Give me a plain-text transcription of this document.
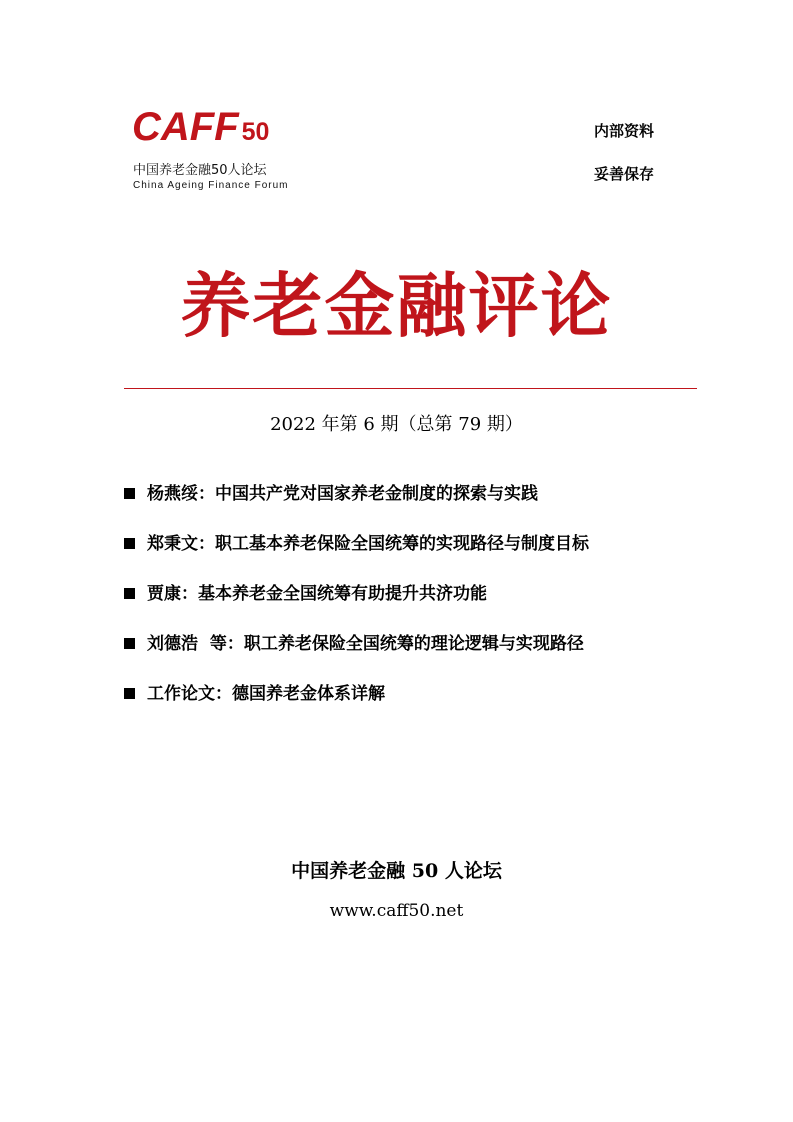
CAFF 50
中国养老金融50人论坛
China Ageing Finance Forum
内部资料
妥善保存
养老金融评论
2022 年第 6 期（总第 79 期）
杨燕绥：中国共产党对国家养老金制度的探索与实践
郑秉文：职工基本养老保险全国统筹的实现路径与制度目标
贾康：基本养老金全国统筹有助提升共济功能
刘德浩  等：职工养老保险全国统筹的理论逻辑与实现路径
工作论文：德国养老金体系详解
中国养老金融 50 人论坛
www.caff50.net
